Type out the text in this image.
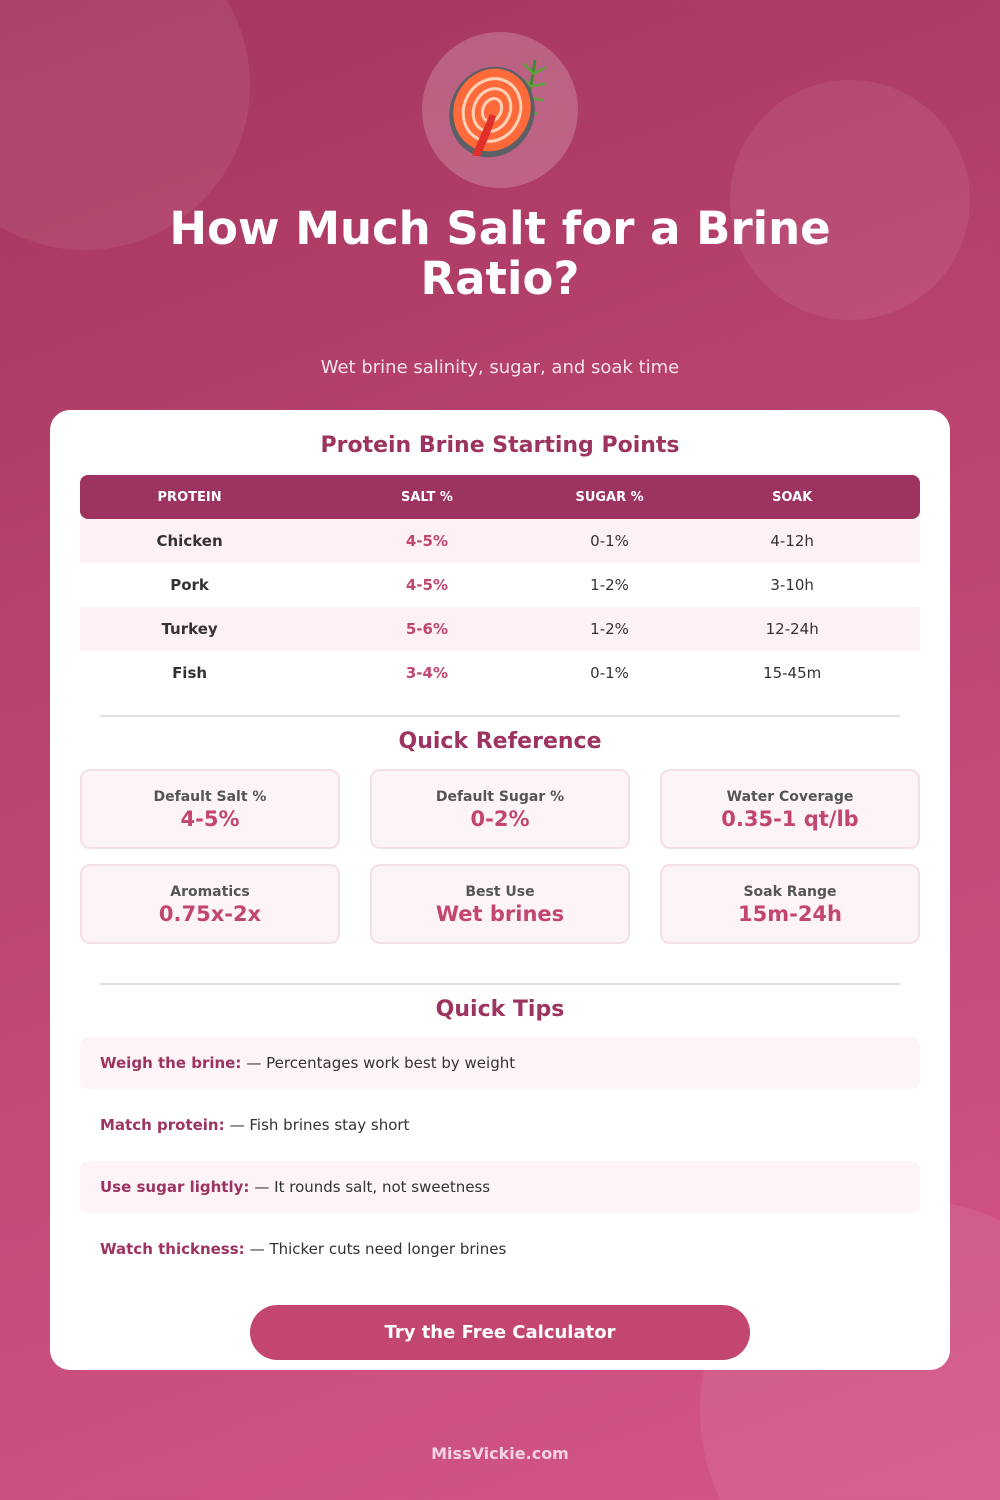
How Much Salt for a Brine Ratio?
Wet brine salinity, sugar, and soak time
Protein Brine Starting Points
PROTEIN	SALT %	SUGAR %	SOAK
Chicken	4-5%	0-1%	4-12h
Pork	4-5%	1-2%	3-10h
Turkey	5-6%	1-2%	12-24h
Fish	3-4%	0-1%	15-45m
Quick Reference
Default Salt %
4-5%
Default Sugar %
0-2%
Water Coverage
0.35-1 qt/lb
Aromatics
0.75x-2x
Best Use
Wet brines
Soak Range
15m-24h
Quick Tips
Weigh the brine: — Percentages work best by weight
Match protein: — Fish brines stay short
Use sugar lightly: — It rounds salt, not sweetness
Watch thickness: — Thicker cuts need longer brines
Try the Free Calculator
MissVickie.com
